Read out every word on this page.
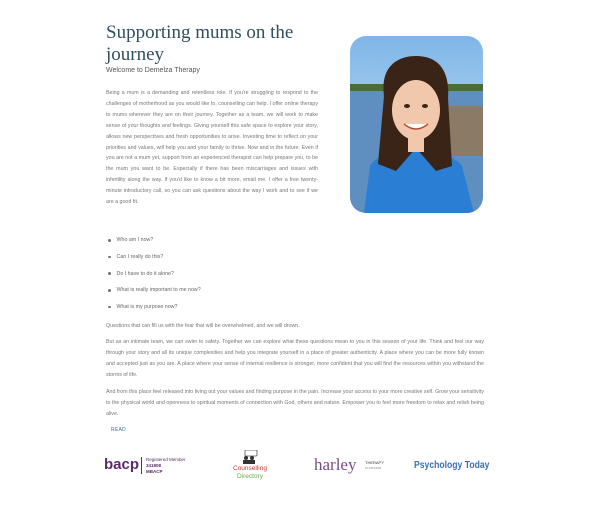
Supporting mums on the journey
Welcome to Demelza Therapy

Being a mum is a demanding and relentless role. If you're struggling to respond to the challenges of motherhood as you would like to, counselling can help. I offer online therapy to mums wherever they are on their journey. Together as a team, we will work to make sense of your thoughts and feelings. Giving yourself this safe space to explore your story, allows new perspectives and fresh opportunities to arise. Investing time to reflect on your priorities and values, will help you and your family to thrive. Now and in the future. Even if you are not a mum yet, support from an experienced therapist can help prepare you, to be the mum you want to be. Especially if there has been miscarriages and issues with infertility along the way. If you'd like to know a bit more, email me. I offer a free twenty-minute introductory call, so you can ask questions about the way I work and to see if we are a good fit.

Who am I now?
Can I really do this?
Do I have to do it alone?
What is really important to me now?
What is my purpose now?

Questions that can fill us with the fear that will be overwhelmed, and we will drown.

But as an intimate team, we can swim to safety. Together we can explore what these questions mean to you in this season of your life. Think and feel our way through your story and all its unique complexities and help you integrate yourself in a place of greater authenticity. A place where you can be more fully known and accepted just as you are. A place where your sense of internal resilience is stronger, more confident that you will find the resources within you withstand the storms of life.

And from this place feel released into living out your values and finding purpose in the pain. Increase your access to your more creative self. Grow your sensitivity to the physical world and openness to spiritual moments of connection with God, others and nature. Empower you to feel more freedom to relax and relish being alive.

READ
bacp Registered Member
341808
MBACP	Counselling
Directory
harley THERAPY
PLATFORM	Psychology Today
